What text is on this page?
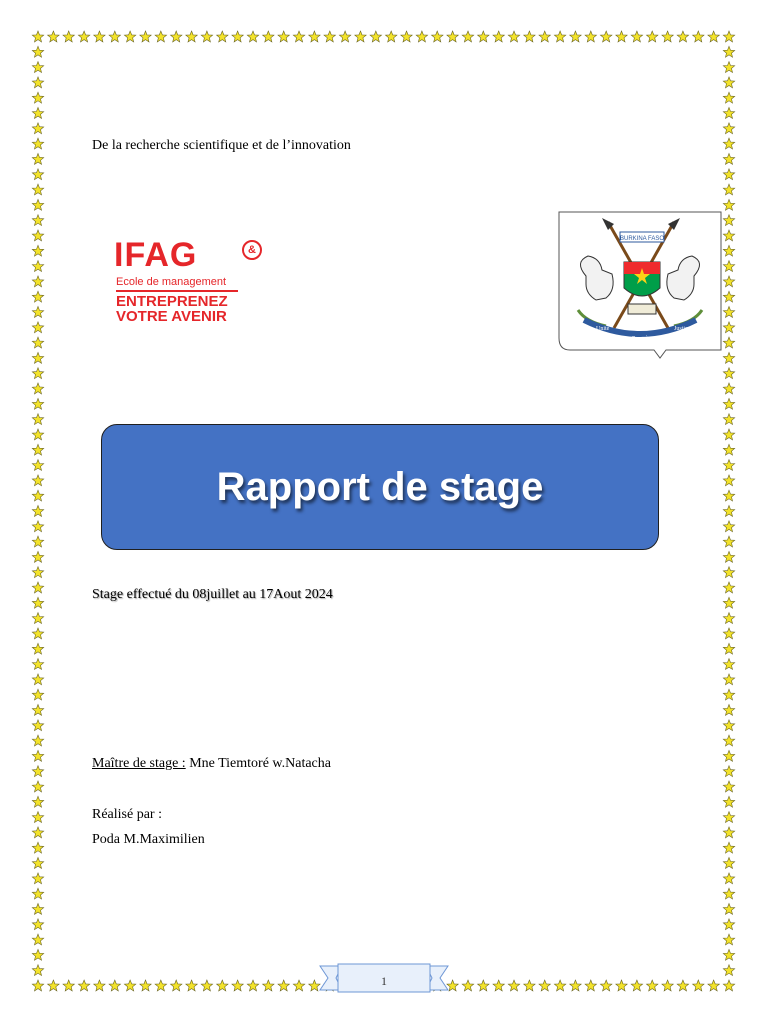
De la recherche scientifique et de l’innovation
IFAG	&
Ecole de management
ENTREPRENEZ
VOTRE AVENIR
BURKINA FASO
Unité
Progrès
Justice
Rapport de stage
Stage effectué du 08juillet au 17Aout 2024
Maître de stage : Mne Tiemtoré w.Natacha
Réalisé par :
Poda M.Maximilien
1
